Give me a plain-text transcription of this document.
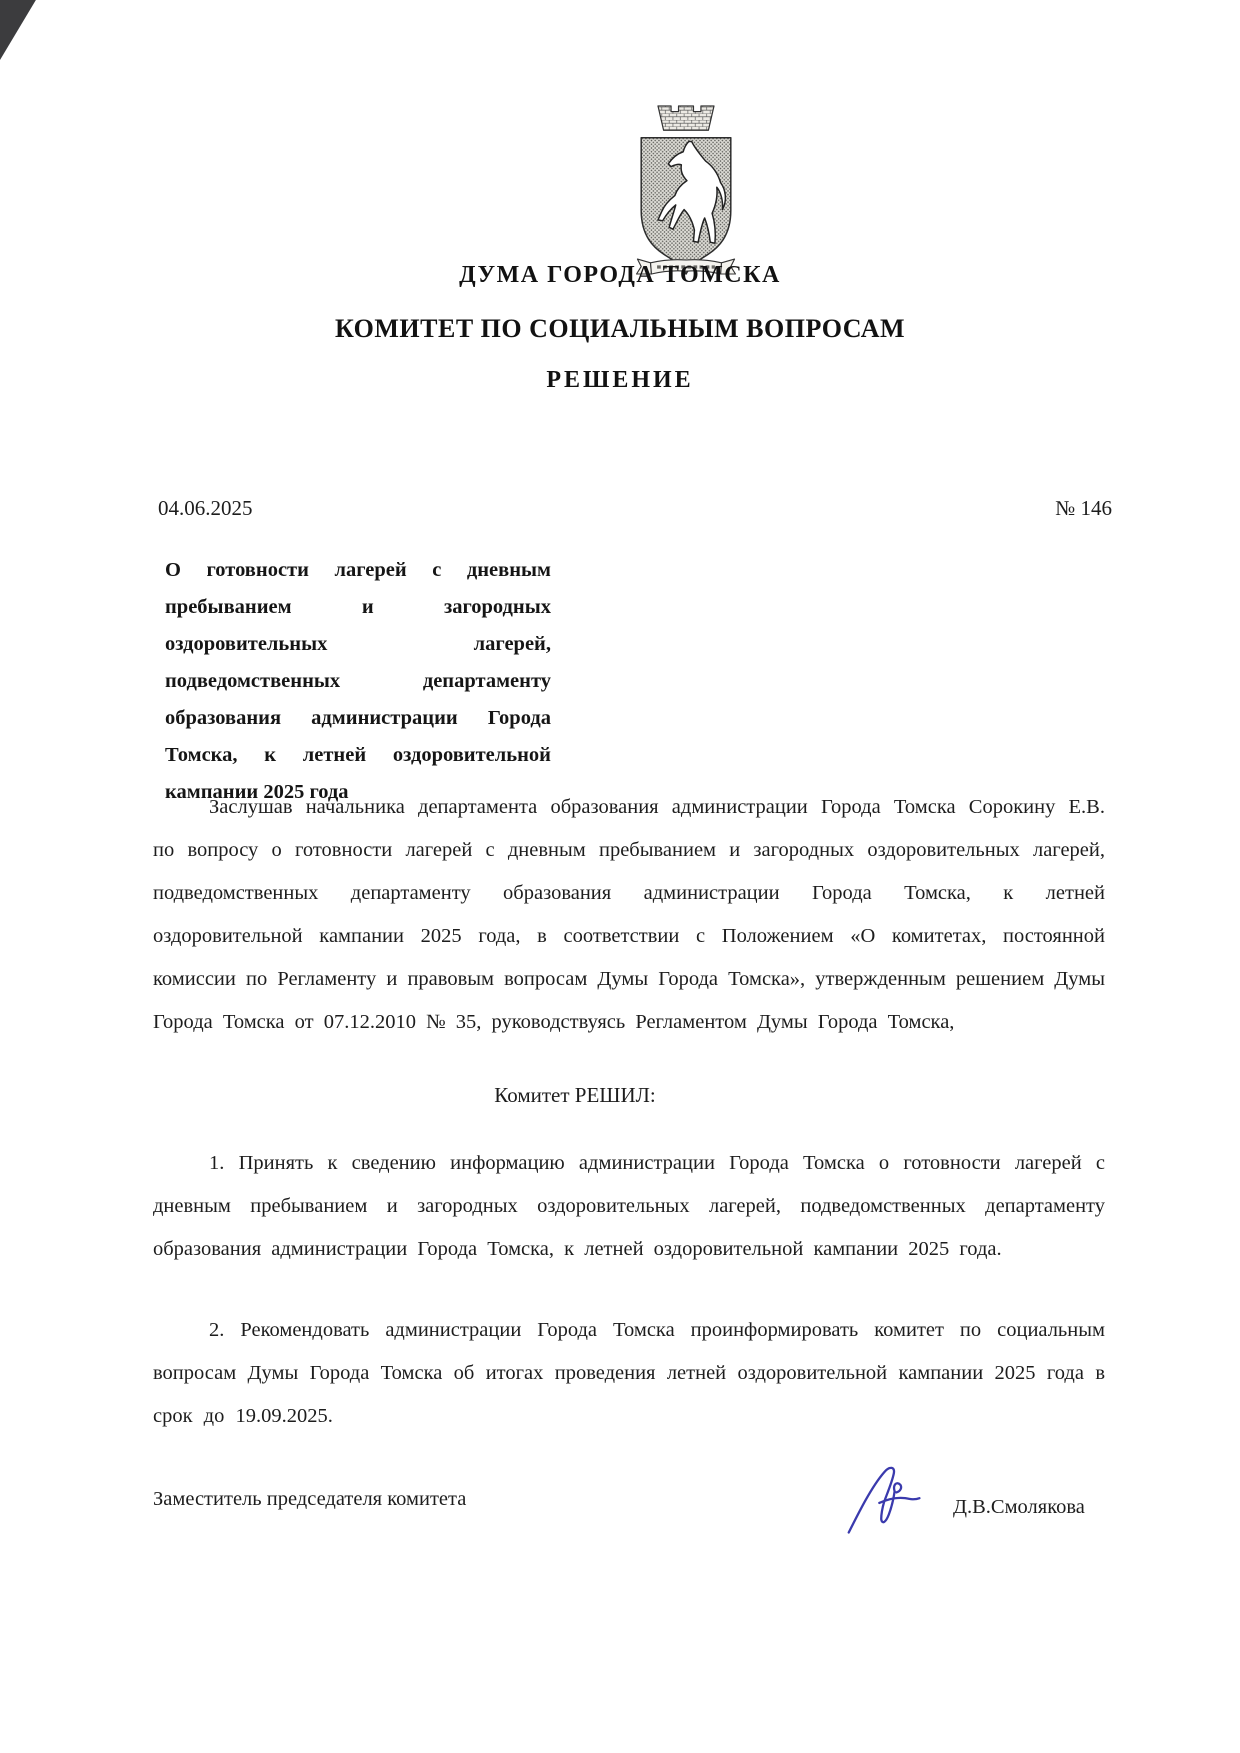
ДУМА ГОРОДА ТОМСКА
КОМИТЕТ ПО СОЦИАЛЬНЫМ ВОПРОСАМ
РЕШЕНИЕ
04.06.2025	№ 146
О готовности лагерей с дневным пребыванием и загородных оздоровительных лагерей, подведомственных департаменту образования администрации Города Томска, к летней оздоровительной кампании 2025 года

Заслушав начальника департамента образования администрации Города Томска Сорокину Е.В. по вопросу о готовности лагерей с дневным пребыванием и загородных оздоровительных лагерей, подведомственных департаменту образования администрации Города Томска, к летней оздоровительной кампании 2025 года, в соответствии с Положением «О комитетах, постоянной комиссии по Регламенту и правовым вопросам Думы Города Томска», утвержденным решением Думы Города Томска от 07.12.2010 № 35, руководствуясь Регламентом Думы Города Томска,

Комитет РЕШИЛ:

1. Принять к сведению информацию администрации Города Томска о готовности лагерей с дневным пребыванием и загородных оздоровительных лагерей, подведомственных департаменту образования администрации Города Томска, к летней оздоровительной кампании 2025 года.

2. Рекомендовать администрации Города Томска проинформировать комитет по социальным вопросам Думы Города Томска об итогах проведения летней оздоровительной кампании 2025 года в срок до 19.09.2025.

Заместитель председателя комитета	Д.В.Смолякова
